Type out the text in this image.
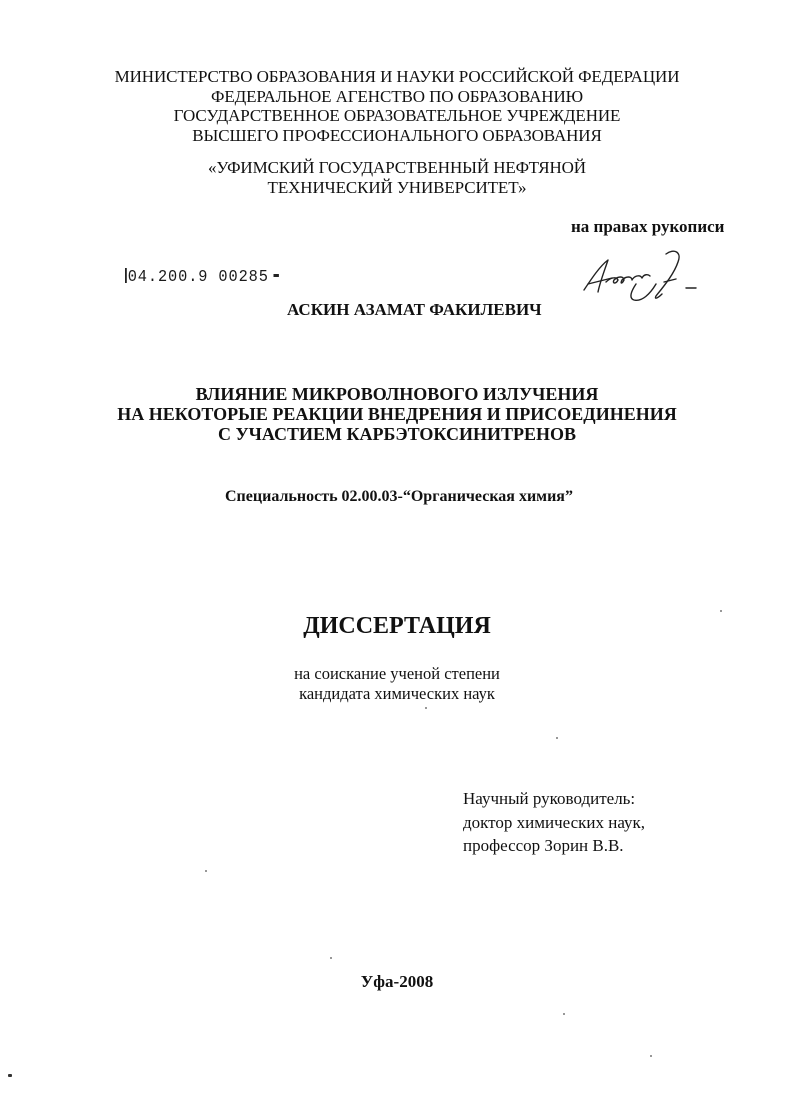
МИНИСТЕРСТВО ОБРАЗОВАНИЯ И НАУКИ РОССИЙСКОЙ ФЕДЕРАЦИИ
ФЕДЕРАЛЬНОЕ АГЕНСТВО ПО ОБРАЗОВАНИЮ
ГОСУДАРСТВЕННОЕ ОБРАЗОВАТЕЛЬНОЕ УЧРЕЖДЕНИЕ
ВЫСШЕГО ПРОФЕССИОНАЛЬНОГО ОБРАЗОВАНИЯ
«УФИМСКИЙ ГОСУДАРСТВЕННЫЙ НЕФТЯНОЙ
ТЕХНИЧЕСКИЙ УНИВЕРСИТЕТ»
на правах рукописи
04.200.9 00285
АСКИН АЗАМАТ ФАКИЛЕВИЧ
ВЛИЯНИЕ МИКРОВОЛНОВОГО ИЗЛУЧЕНИЯ
НА НЕКОТОРЫЕ РЕАКЦИИ ВНЕДРЕНИЯ И ПРИСОЕДИНЕНИЯ
С УЧАСТИЕМ КАРБЭТОКСИНИТРЕНОВ
Специальность 02.00.03-“Органическая химия”
ДИССЕРТАЦИЯ
на соискание ученой степени
кандидата химических наук
Научный руководитель:
доктор химических наук,
профессор Зорин В.В.
Уфа-2008
